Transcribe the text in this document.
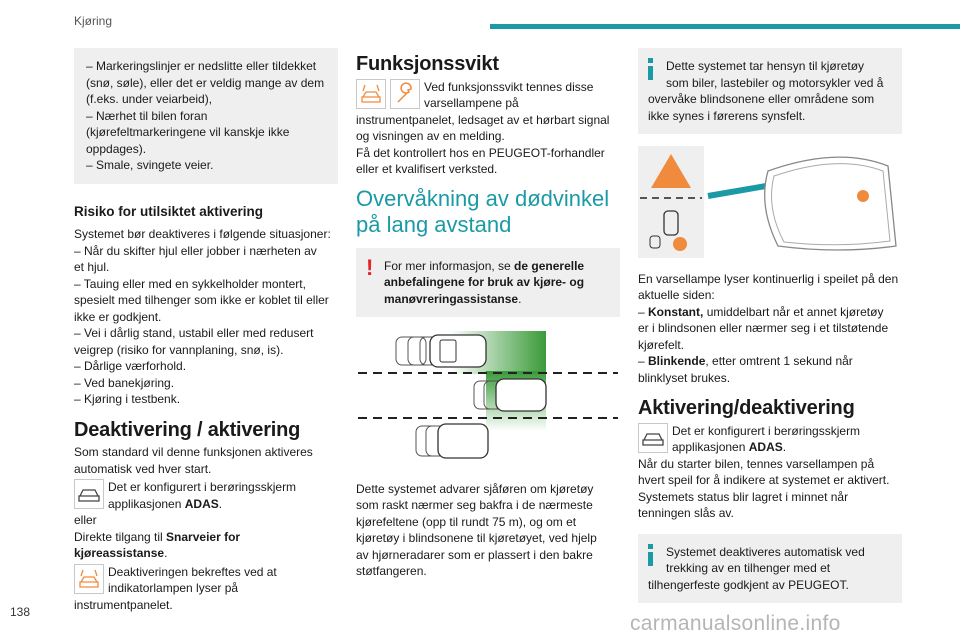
Kjøring

– Markeringslinjer er nedslitte eller tildekket

(snø, søle), eller det er veldig mange av dem

(f.eks. under veiarbeid),

– Nærhet til bilen foran

(kjørefeltmarkeringene vil kanskje ikke

oppdages).

– Smale, svingete veier.

Risiko for utilsiktet aktivering

Systemet bør deaktiveres i følgende situasjoner:

– Når du skifter hjul eller jobber i nærheten av

et hjul.

– Tauing eller med en sykkelholder montert,

spesielt med tilhenger som ikke er koblet til eller

ikke er godkjent.

– Vei i dårlig stand, ustabil eller med redusert

veigrep (risiko for vannplaning, snø, is).

– Dårlige værforhold.

– Ved banekjøring.

– Kjøring i testbenk.

Deaktivering / aktivering

Som standard vil denne funksjonen aktiveres

automatisk ved hver start.

Det er konfigurert i berøringsskjerm

applikasjonen ADAS.

eller

Direkte tilgang til Snarveier for

kjøreassistanse.

Deaktiveringen bekreftes ved at

indikatorlampen lyser på

instrumentpanelet.

Funksjonssvikt

Ved funksjonssvikt tennes disse

varsellampene på

instrumentpanelet, ledsaget av et hørbart signal

og visningen av en melding.

Få det kontrollert hos en PEUGEOT-forhandler

eller et kvalifisert verksted.

Overvåkning av dødvinkel
på lang avstand
! For mer informasjon, se de generelle

anbefalingene for bruk av kjøre- og

manøvreringassistanse.

Dette systemet advarer sjåføren om kjøretøy

som raskt nærmer seg bakfra i de nærmeste

kjørefeltene (opp til rundt 75 m), og om et

kjøretøy i blindsonene til kjøretøyet, ved hjelp

av hjørneradarer som er plassert i den bakre

støtfangeren.

Dette systemet tar hensyn til kjøretøy

som biler, lastebiler og motorsykler ved å

overvåke blindsonene eller områdene som

ikke synes i førerens synsfelt.

En varsellampe lyser kontinuerlig i speilet på den

aktuelle siden:

– Konstant, umiddelbart når et annet kjøretøy

er i blindsonen eller nærmer seg i et tilstøtende

kjørefelt.

– Blinkende, etter omtrent 1 sekund når

blinklyset brukes.

Aktivering/deaktivering

Det er konfigurert i berøringsskjerm

applikasjonen ADAS.

Når du starter bilen, tennes varsellampen på

hvert speil for å indikere at systemet er aktivert.

Systemets status blir lagret i minnet når

tenningen slås av.

Systemet deaktiveres automatisk ved

trekking av en tilhenger med et

tilhengerfeste godkjent av PEUGEOT.

138	carmanualsonline.info
